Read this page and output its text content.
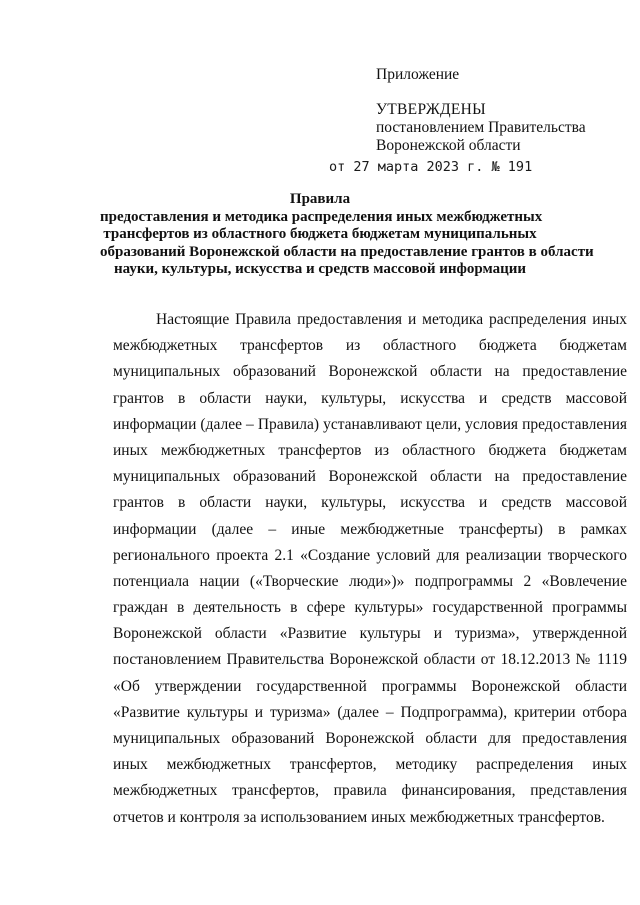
Приложение
УТВЕРЖДЕНЫ
постановлением Правительства
Воронежской области
от 27 марта 2023 г. № 191
Правила
предоставления и методика распределения иных межбюджетных
трансфертов из областного бюджета бюджетам муниципальных
образований Воронежской области на предоставление грантов в области
науки, культуры, искусства и средств массовой информации
Настоящие Правила предоставления и методика распределения иных
межбюджетных трансфертов из областного бюджета бюджетам
муниципальных образований Воронежской области на предоставление
грантов в области науки, культуры, искусства и средств массовой
информации (далее – Правила) устанавливают цели, условия предоставления
иных межбюджетных трансфертов из областного бюджета бюджетам
муниципальных образований Воронежской области на предоставление
грантов в области науки, культуры, искусства и средств массовой
информации (далее – иные межбюджетные трансферты) в рамках
регионального проекта 2.1 «Создание условий для реализации творческого
потенциала нации («Творческие люди»)» подпрограммы 2 «Вовлечение
граждан в деятельность в сфере культуры» государственной программы
Воронежской области «Развитие культуры и туризма», утвержденной
постановлением Правительства Воронежской области от 18.12.2013 № 1119
«Об утверждении государственной программы Воронежской области
«Развитие культуры и туризма» (далее – Подпрограмма), критерии отбора
муниципальных образований Воронежской области для предоставления
иных межбюджетных трансфертов, методику распределения иных
межбюджетных трансфертов, правила финансирования, представления
отчетов и контроля за использованием иных межбюджетных трансфертов.
